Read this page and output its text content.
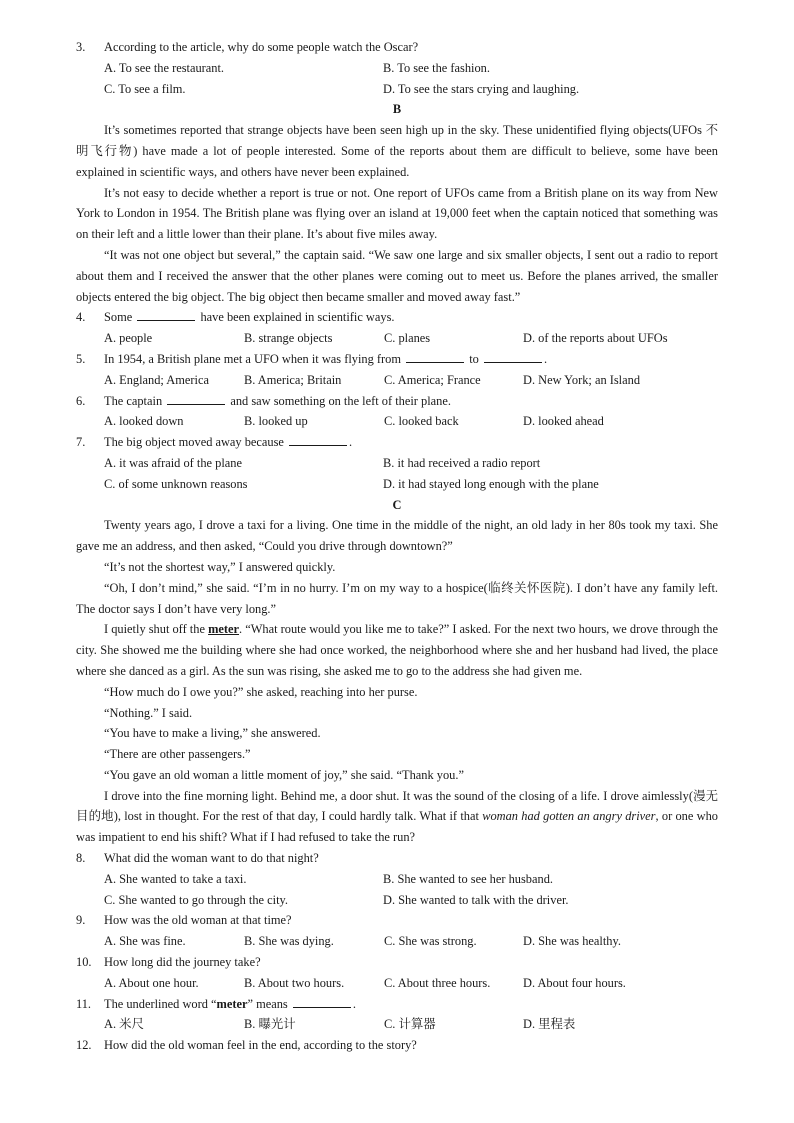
3. According to the article, why do some people watch the Oscar?
A. To see the restaurant.	B. To see the fashion.
C. To see a film.	D. To see the stars crying and laughing.
B
It’s sometimes reported that strange objects have been seen high up in the sky. These unidentified flying objects(UFOs 不明飞行物) have made a lot of people interested. Some of the reports about them are difficult to believe, some have been explained in scientific ways, and others have never been explained.
It’s not easy to decide whether a report is true or not. One report of UFOs came from a British plane on its way from New York to London in 1954. The British plane was flying over an island at 19,000 feet when the captain noticed that something was on their left and a little lower than their plane. It’s about five miles away.
“It was not one object but several,” the captain said. “We saw one large and six smaller objects, I sent out a radio to report about them and I received the answer that the other planes were coming out to meet us. Before the planes arrived, the smaller objects entered the big object. The big object then became smaller and moved away fast.”
4. Some	have been explained in scientific ways.
A. people	B. strange objects	C. planes	D. of the reports about UFOs
5. In 1954, a British plane met a UFO when it was flying from	to	.
A. England; America	B. America; Britain	C. America; France	D. New York; an Island
6. The captain	and saw something on the left of their plane.
A. looked down	B. looked up	C. looked back	D. looked ahead
7. The big object moved away because	.
A. it was afraid of the plane	B. it had received a radio report
C. of some unknown reasons	D. it had stayed long enough with the plane
C
Twenty years ago, I drove a taxi for a living. One time in the middle of the night, an old lady in her 80s took my taxi. She gave me an address, and then asked, “Could you drive through downtown?”
“It’s not the shortest way,” I answered quickly.
“Oh, I don’t mind,” she said. “I’m in no hurry. I’m on my way to a hospice(临终关怀医院). I don’t have any family left. The doctor says I don’t have very long.”
I quietly shut off the meter. “What route would you like me to take?” I asked. For the next two hours, we drove through the city. She showed me the building where she had once worked, the neighborhood where she and her husband had lived, the place where she danced as a girl. As the sun was rising, she asked me to go to the address she had given me.
“How much do I owe you?” she asked, reaching into her purse.
“Nothing.” I said.
“You have to make a living,” she answered.
“There are other passengers.”
“You gave an old woman a little moment of joy,” she said. “Thank you.”
I drove into the fine morning light. Behind me, a door shut. It was the sound of the closing of a life. I drove aimlessly(漫无目的地), lost in thought. For the rest of that day, I could hardly talk. What if that woman had gotten an angry driver, or one who was impatient to end his shift? What if I had refused to take the run?
8. What did the woman want to do that night?
A. She wanted to take a taxi.	B. She wanted to see her husband.
C. She wanted to go through the city.	D. She wanted to talk with the driver.
9. How was the old woman at that time?
A. She was fine.	B. She was dying.	C. She was strong.	D. She was healthy.
10. How long did the journey take?
A. About one hour.	B. About two hours.	C. About three hours.	D. About four hours.
11. The underlined word “meter” means	.
A. 米尺	B. 曝光计	C. 计算器	D. 里程表
12. How did the old woman feel in the end, according to the story?
